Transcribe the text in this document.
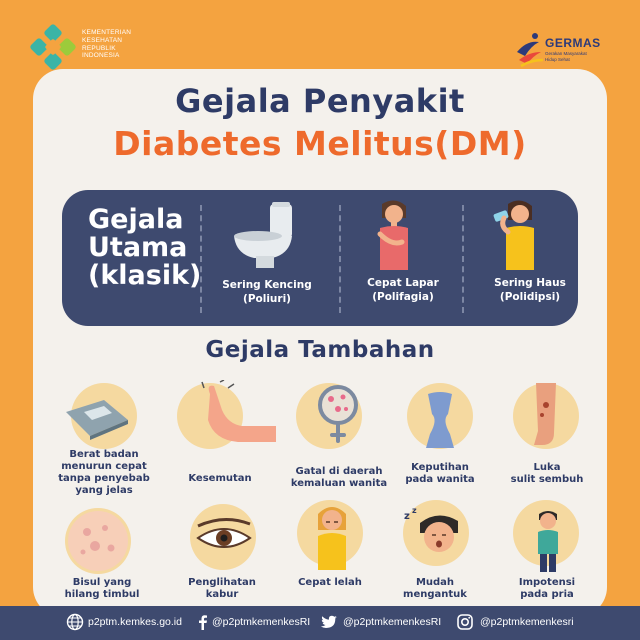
KEMENTERIAN
KESEHATAN
REPUBLIK
INDONESIA
GERMAS
Gerakan Masyarakat Hidup Sehat
Gejala Penyakit
Diabetes Melitus(DM)
Gejala
Utama
(klasik)	Sering Kencing
(Poliuri)
Cepat Lapar
(Polifagia)
Sering Haus
(Polidipsi)
Gejala Tambahan
Berat badan
menurun cepat
tanpa penyebab
yang jelas
Kesemutan
Gatal di daerah
kemaluan wanita
Keputihan
pada wanita
Luka
sulit sembuh
z
z
Bisul yang
hilang timbul
Penglihatan
kabur
Cepat lelah	Mudah
mengantuk
Impotensi
pada pria
p2ptm.kemkes.go.id	@p2ptmkemenkesRI	@p2ptmkemenkesRI	@p2ptmkemenkesri
